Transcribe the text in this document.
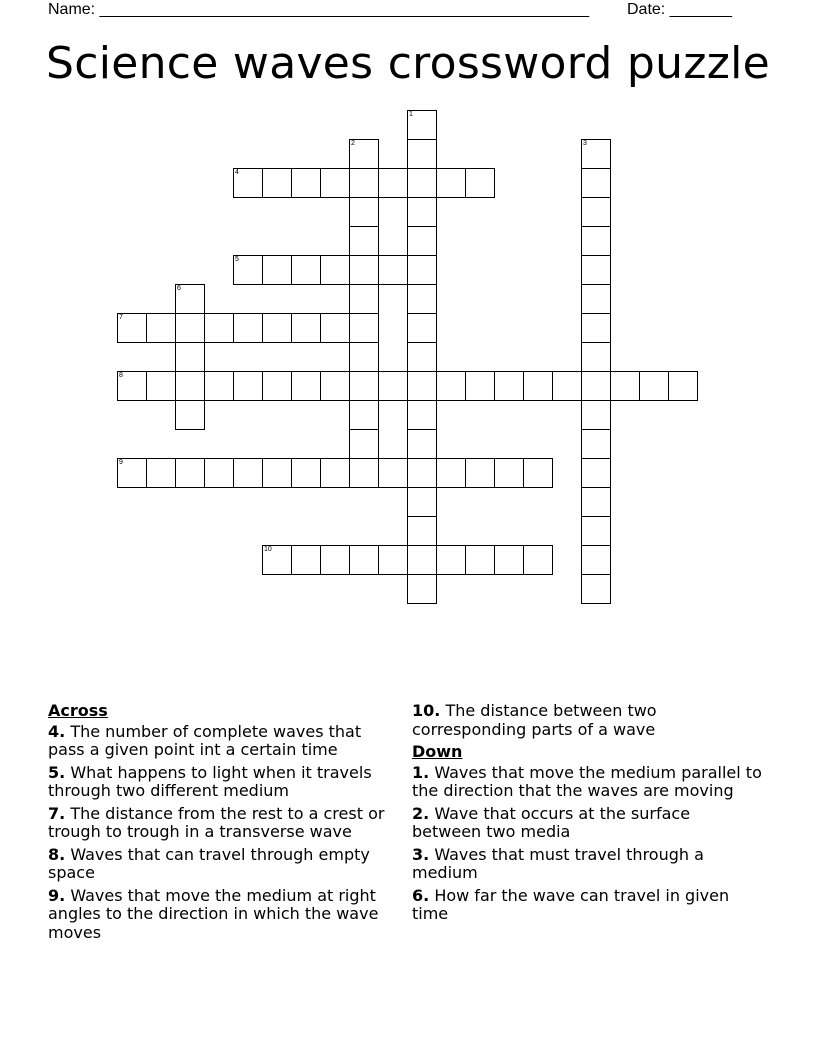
Name: _______________________________________________________ Date: _______
Science waves crossword puzzle
1
2	3
4
5
6
7
8
9
10
Across
4. The number of complete waves that pass a given point int a certain time
5. What happens to light when it travels through two different medium
7. The distance from the rest to a crest or trough to trough in a transverse wave
8. Waves that can travel through empty space
9. Waves that move the medium at right angles to the direction in which the wave moves
10. The distance between two corresponding parts of a wave
Down
1. Waves that move the medium parallel to the direction that the waves are moving
2. Wave that occurs at the surface between two media
3. Waves that must travel through a medium
6. How far the wave can travel in given time
